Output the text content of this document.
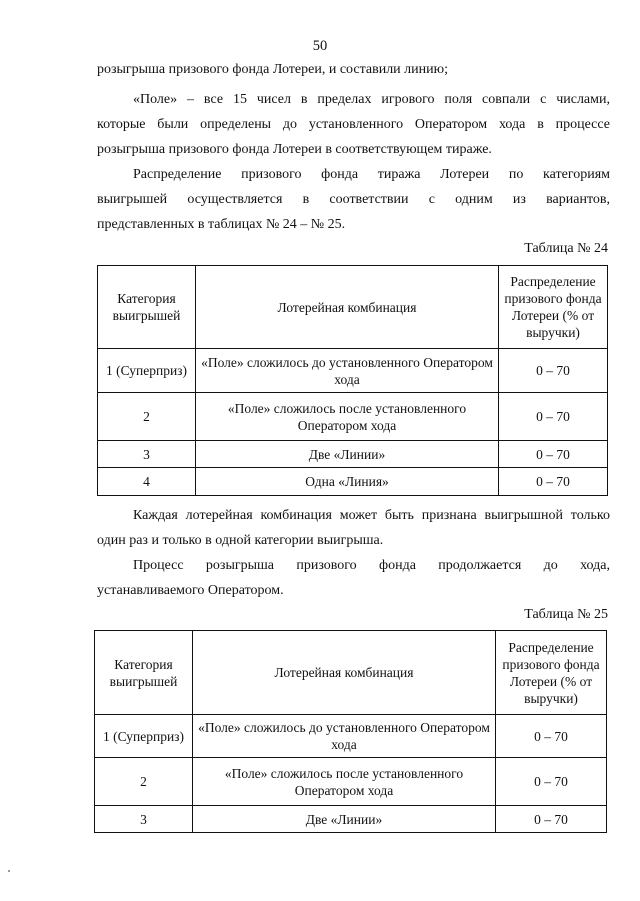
50
розыгрыша призового фонда Лотереи, и составили линию;
«Поле» – все 15 чисел в пределах игрового поля совпали с числами,
которые были определены до установленного Оператором хода в процессе
розыгрыша призового фонда Лотереи в соответствующем тираже.
Распределение призового фонда тиража Лотереи по категориям
выигрышей осуществляется в соответствии с одним из вариантов,
представленных в таблицах № 24 – № 25.
Таблица № 24
Категория выигрышей	Лотерейная комбинация	Распределение призового фонда Лотереи (% от выручки)
1 (Суперприз)	«Поле» сложилось до установленного Оператором хода	0 – 70
2	«Поле» сложилось после установленного Оператором хода	0 – 70
3	Две «Линии»	0 – 70
4	Одна «Линия»	0 – 70
Каждая лотерейная комбинация может быть признана выигрышной только
один раз и только в одной категории выигрыша.
Процесс розыгрыша призового фонда продолжается до хода,
устанавливаемого Оператором.
Таблица № 25
Категория выигрышей	Лотерейная комбинация	Распределение призового фонда Лотереи (% от выручки)
1 (Суперприз)	«Поле» сложилось до установленного Оператором хода	0 – 70
2	«Поле» сложилось после установленного Оператором хода	0 – 70
3	Две «Линии»	0 – 70
